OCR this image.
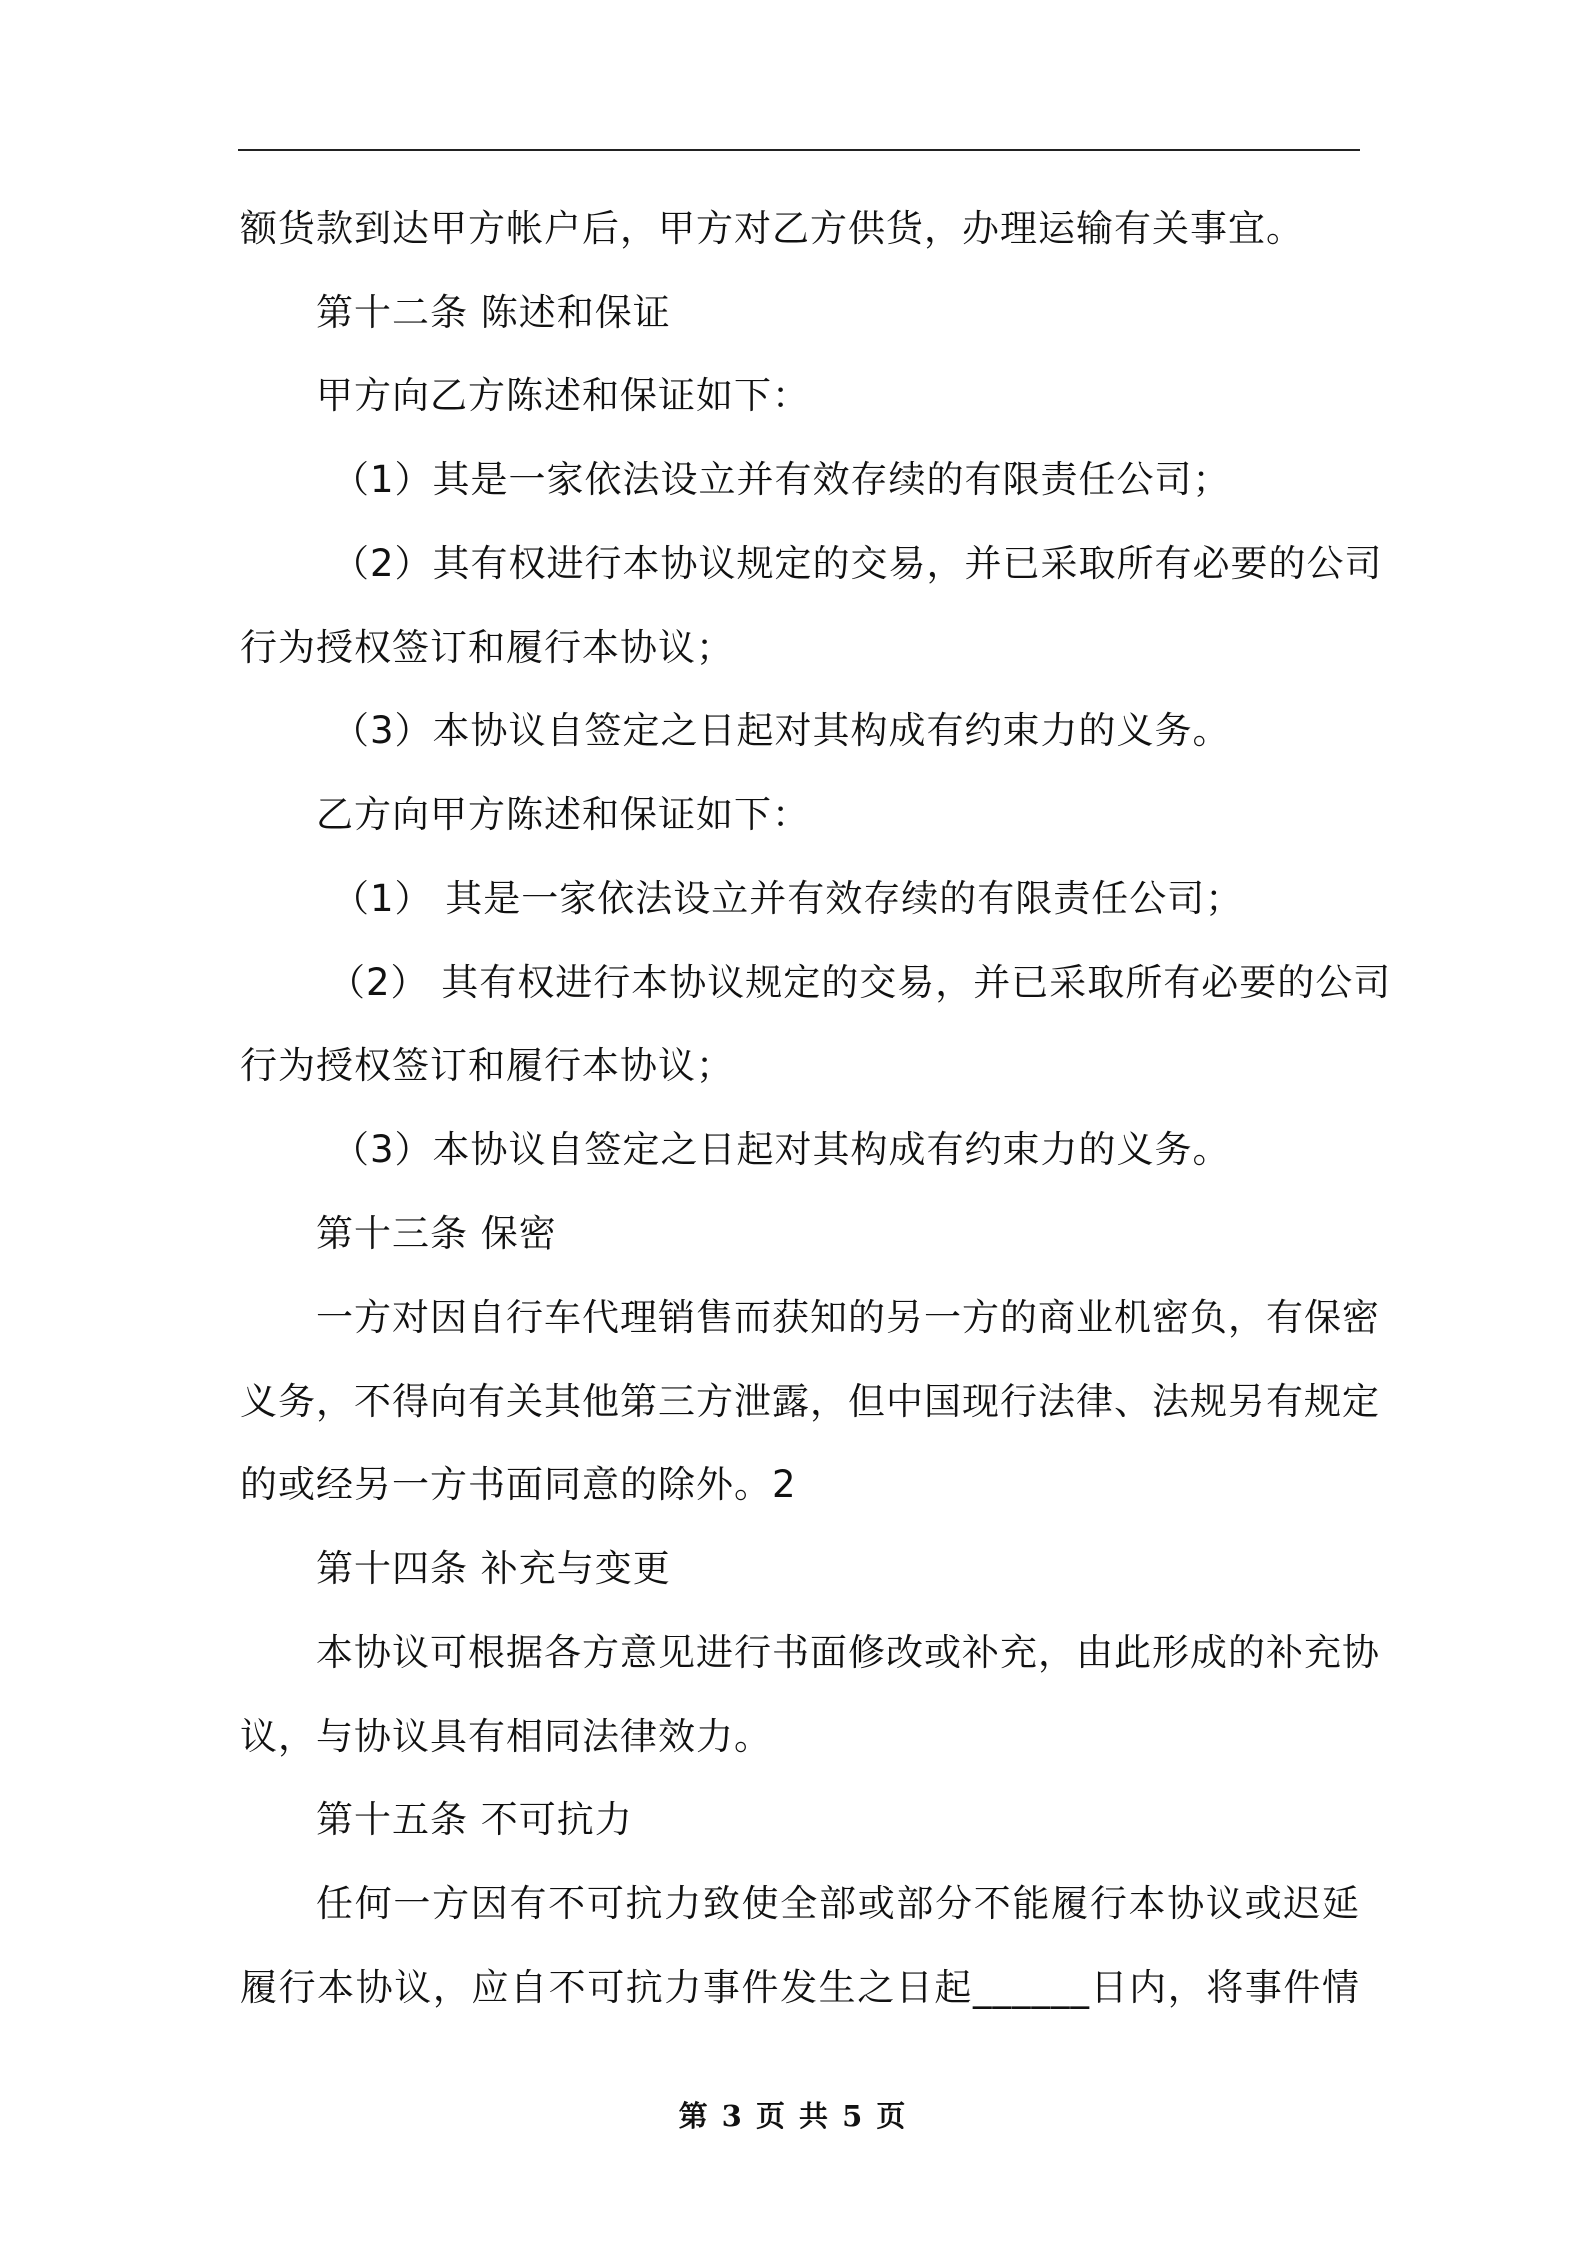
额货款到达甲方帐户后，甲方对乙方供货，办理运输有关事宜。
第十二条 陈述和保证
甲方向乙方陈述和保证如下：
（1）其是一家依法设立并有效存续的有限责任公司；
（2）其有权进行本协议规定的交易，并已采取所有必要的公司
行为授权签订和履行本协议；
（3）本协议自签定之日起对其构成有约束力的义务。
乙方向甲方陈述和保证如下：
（1） 其是一家依法设立并有效存续的有限责任公司；
（2） 其有权进行本协议规定的交易，并已采取所有必要的公司
行为授权签订和履行本协议；
（3）本协议自签定之日起对其构成有约束力的义务。
第十三条 保密
一方对因自行车代理销售而获知的另一方的商业机密负，有保密
义务，不得向有关其他第三方泄露，但中国现行法律、法规另有规定
的或经另一方书面同意的除外。2
第十四条 补充与变更
本协议可根据各方意见进行书面修改或补充，由此形成的补充协
议，与协议具有相同法律效力。
第十五条 不可抗力
任何一方因有不可抗力致使全部或部分不能履行本协议或迟延
履行本协议，应自不可抗力事件发生之日起______日内，将事件情
第 3 页 共 5 页
